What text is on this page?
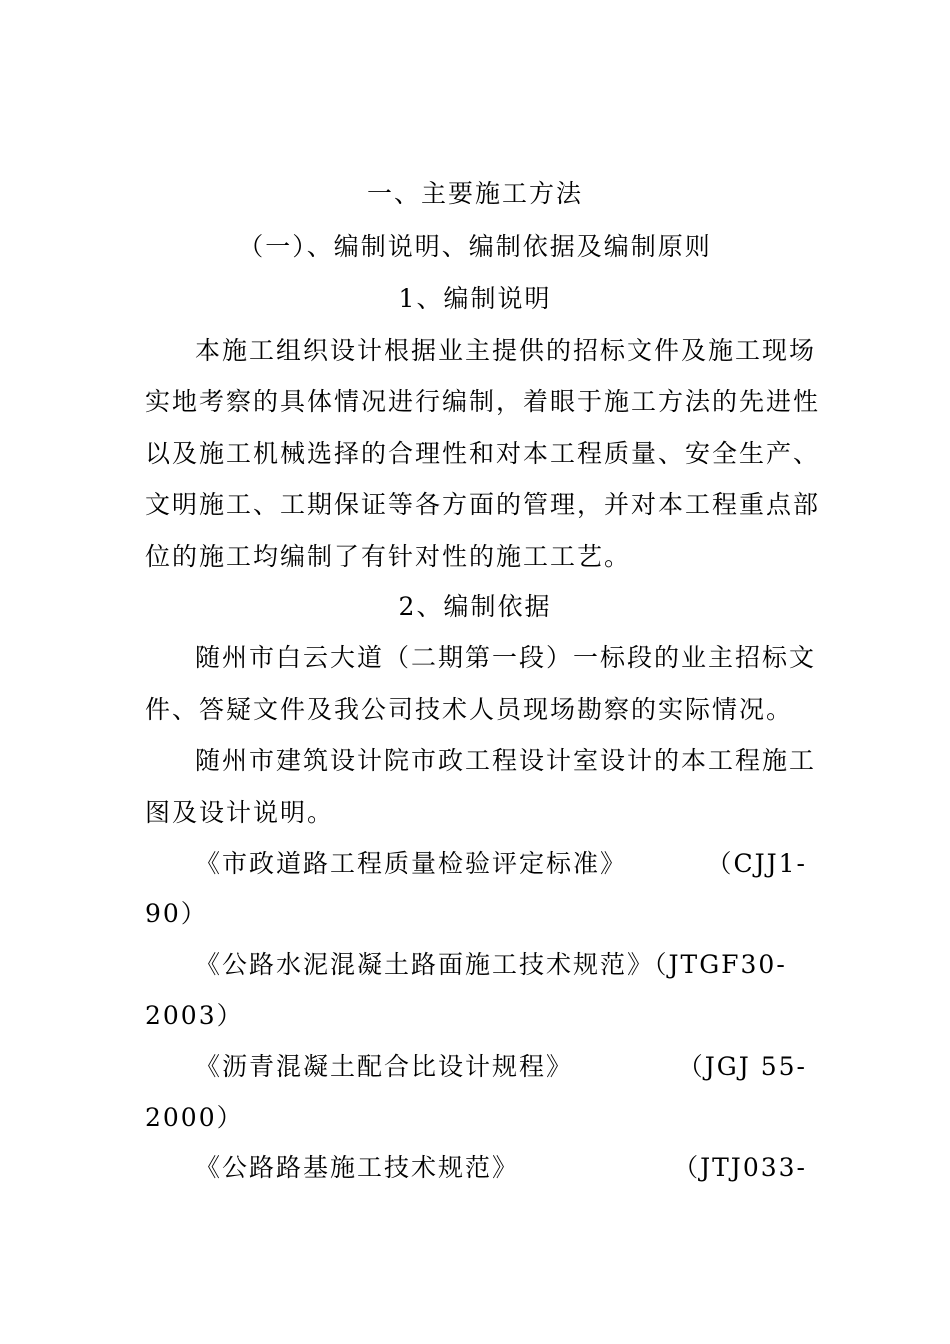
一、主要施工方法
（一）、编制说明、编制依据及编制原则
1、编制说明
本施工组织设计根据业主提供的招标文件及施工现场
实地考察的具体情况进行编制，着眼于施工方法的先进性
以及施工机械选择的合理性和对本工程质量、安全生产、
文明施工、工期保证等各方面的管理，并对本工程重点部
位的施工均编制了有针对性的施工工艺。
2、编制依据
随州市白云大道（二期第一段）一标段的业主招标文
件、答疑文件及我公司技术人员现场勘察的实际情况。
随州市建筑设计院市政工程设计室设计的本工程施工
图及设计说明。
《市政道路工程质量检验评定标准》	（CJJ1-
90）
《公路水泥混凝土路面施工技术规范》（JTGF30-
2003）
《沥青混凝土配合比设计规程》	（JGJ 55-
2000）
《公路路基施工技术规范》	（JTJ033-
